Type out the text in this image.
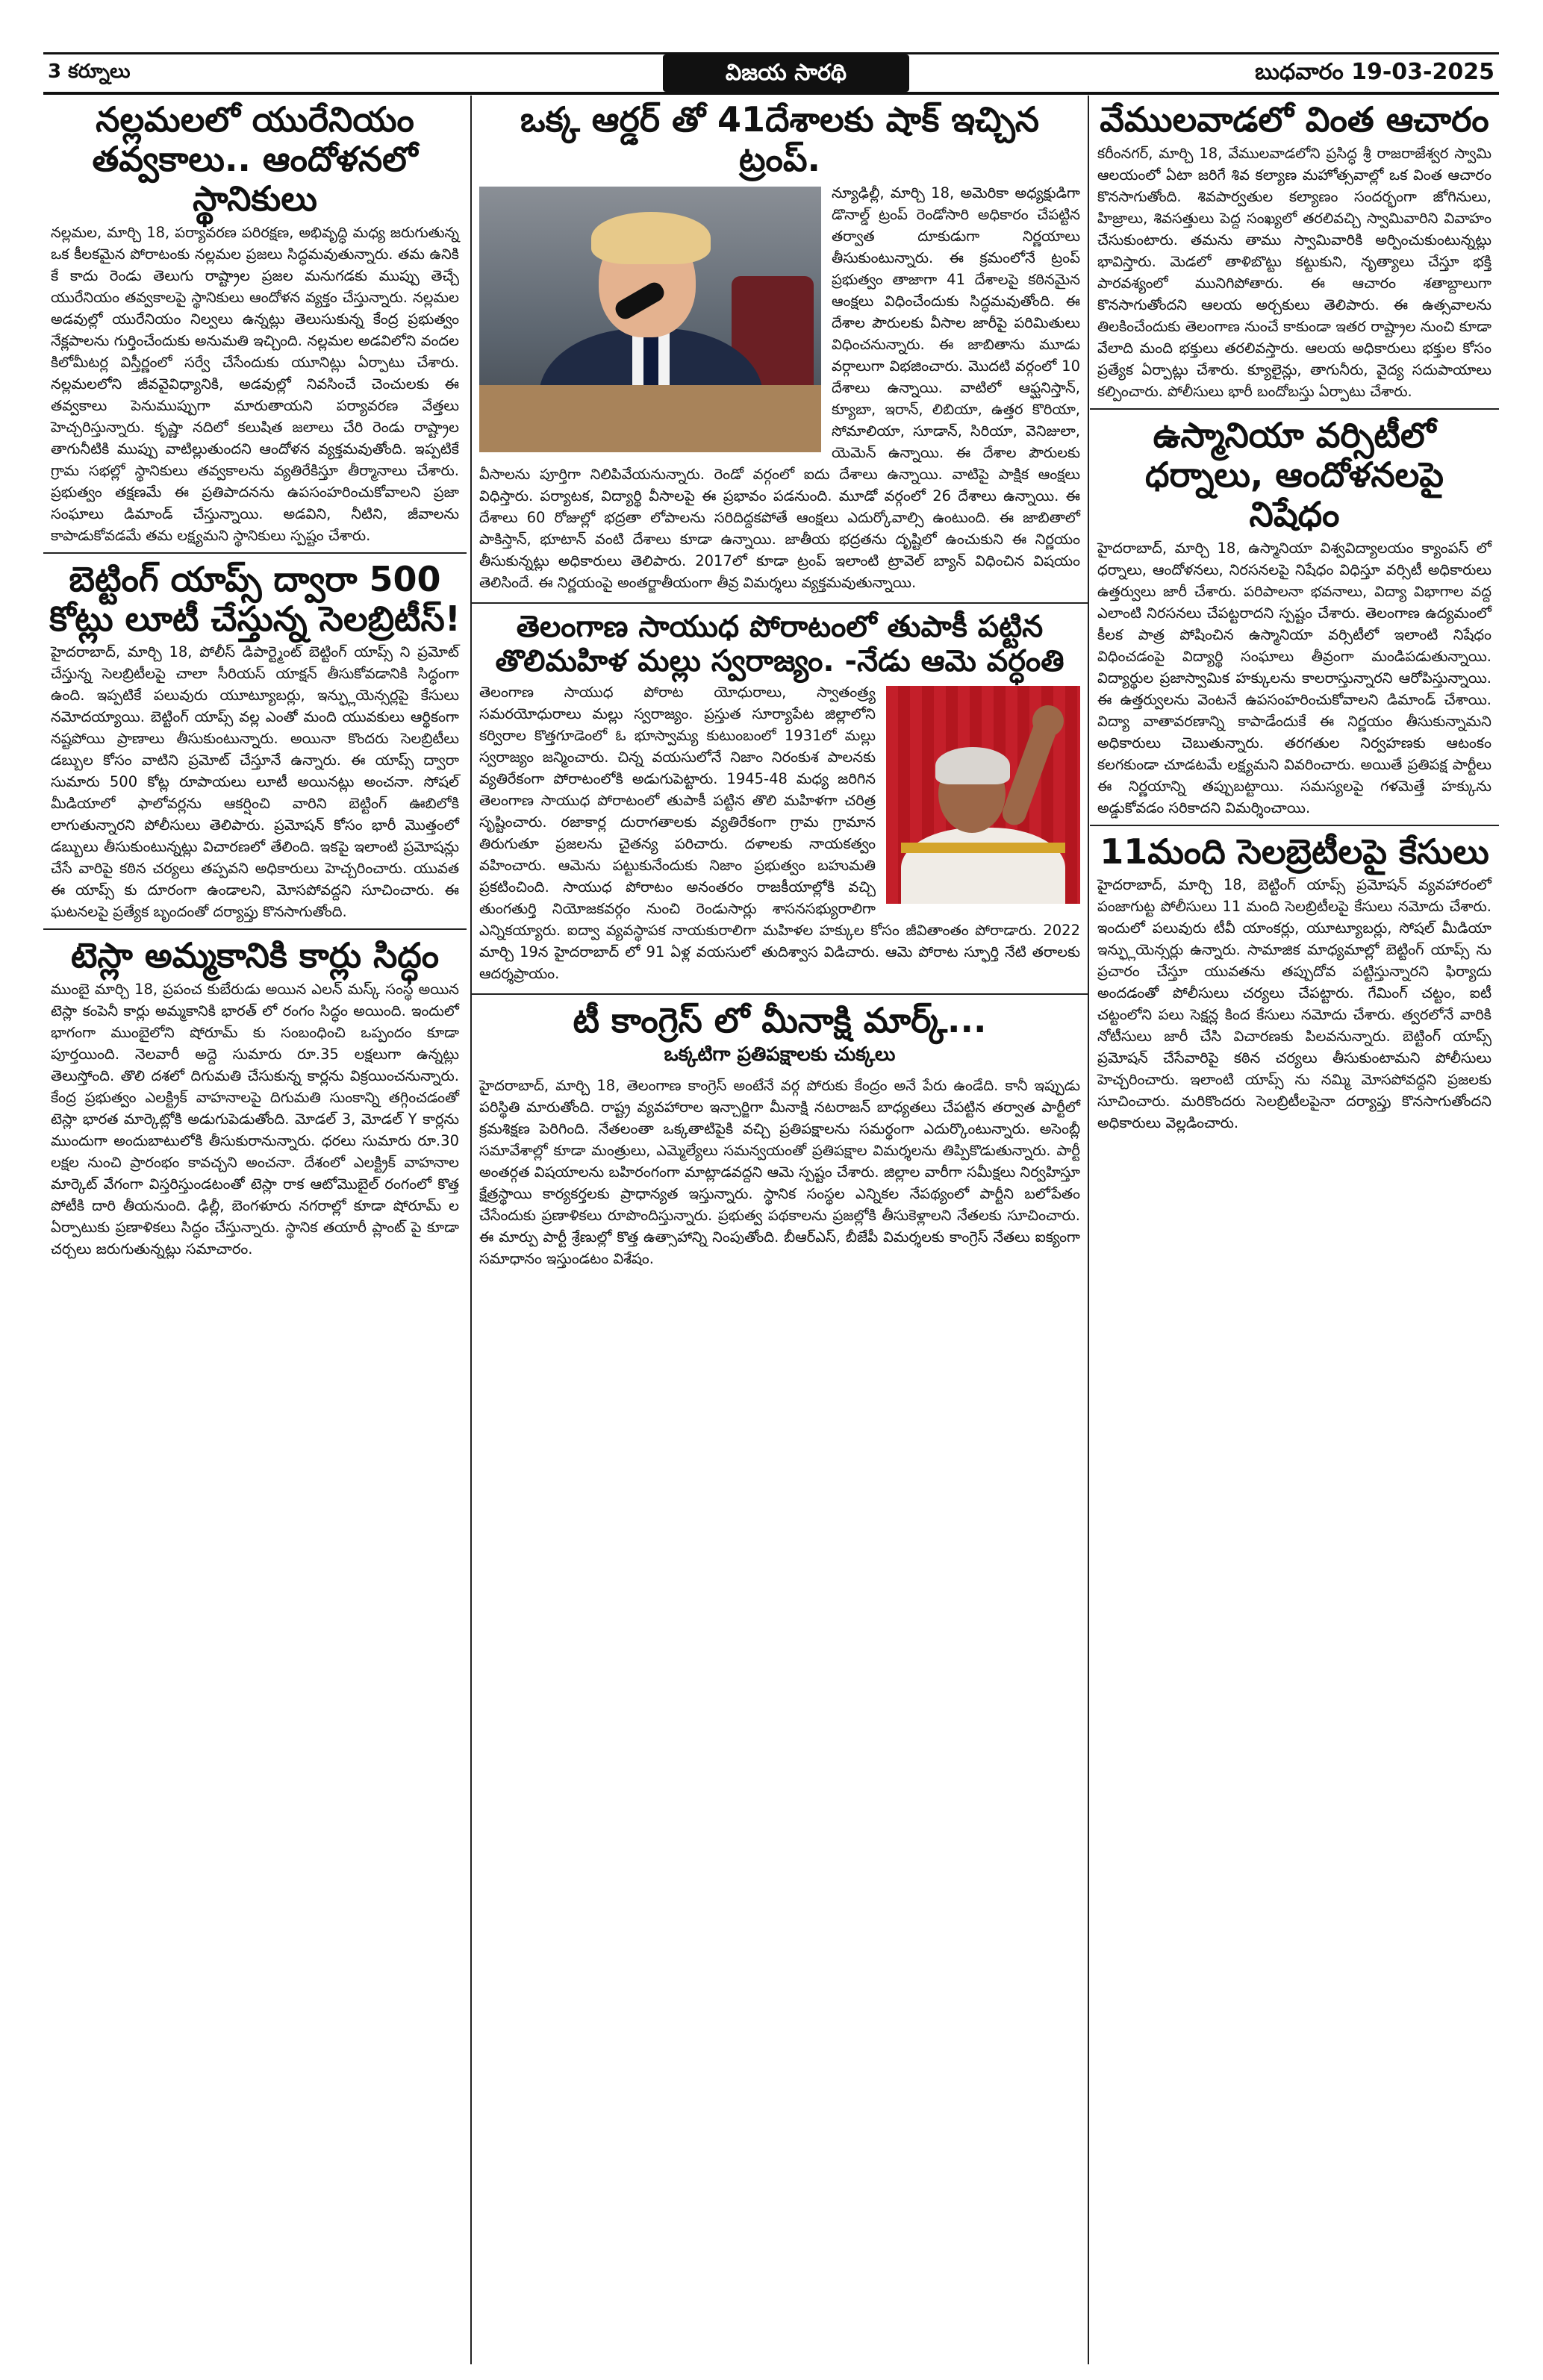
3 కర్నూలు	విజయ సారథి	బుధవారం 19-03-2025
నల్లమలలో యురేనియం తవ్వకాలు.. ఆందోళనలో స్థానికులు
నల్లమల, మార్చి 18, పర్యావరణ పరిరక్షణ, అభివృద్ధి మధ్య జరుగుతున్న ఒక కీలకమైన పోరాటంకు నల్లమల ప్రజలు సిద్ధమవుతున్నారు. తమ ఉనికి కే కాదు రెండు తెలుగు రాష్ట్రాల ప్రజల మనుగడకు ముప్పు తెచ్చే యురేనియం తవ్వకాలపై స్థానికులు ఆందోళన వ్యక్తం చేస్తున్నారు. నల్లమల అడవుల్లో యురేనియం నిల్వలు ఉన్నట్లు తెలుసుకున్న కేంద్ర ప్రభుత్వం నేక్లపాలను గుర్తించేందుకు అనుమతి ఇచ్చింది. నల్లమల అడవిలోని వందల కిలోమీటర్ల విస్తీర్ణంలో సర్వే చేసేందుకు యూనిట్లు ఏర్పాటు చేశారు. నల్లమలలోని జీవవైవిధ్యానికి, అడవుల్లో నివసించే చెంచులకు ఈ తవ్వకాలు పెనుముప్పుగా మారుతాయని పర్యావరణ వేత్తలు హెచ్చరిస్తున్నారు. కృష్ణా నదిలో కలుషిత జలాలు చేరి రెండు రాష్ట్రాల తాగునీటికి ముప్పు వాటిల్లుతుందని ఆందోళన వ్యక్తమవుతోంది. ఇప్పటికే గ్రామ సభల్లో స్థానికులు తవ్వకాలను వ్యతిరేకిస్తూ తీర్మానాలు చేశారు. ప్రభుత్వం తక్షణమే ఈ ప్రతిపాదనను ఉపసంహరించుకోవాలని ప్రజా సంఘాలు డిమాండ్ చేస్తున్నాయి. అడవిని, నీటిని, జీవాలను కాపాడుకోవడమే తమ లక్ష్యమని స్థానికులు స్పష్టం చేశారు.
బెట్టింగ్ యాప్స్ ద్వారా 500 కోట్లు లూటీ చేస్తున్న సెలబ్రిటీస్!
హైదరాబాద్, మార్చి 18, పోలీస్ డిపార్ట్మెంట్ బెట్టింగ్ యాప్స్ ని ప్రమోట్ చేస్తున్న సెలబ్రిటీలపై చాలా సీరియస్ యాక్షన్ తీసుకోవడానికి సిద్ధంగా ఉంది. ఇప్పటికే పలువురు యూట్యూబర్లు, ఇన్ఫ్లుయెన్సర్లపై కేసులు నమోదయ్యాయి. బెట్టింగ్ యాప్స్ వల్ల ఎంతో మంది యువకులు ఆర్థికంగా నష్టపోయి ప్రాణాలు తీసుకుంటున్నారు. అయినా కొందరు సెలబ్రిటీలు డబ్బుల కోసం వాటిని ప్రమోట్ చేస్తూనే ఉన్నారు. ఈ యాప్స్ ద్వారా సుమారు 500 కోట్ల రూపాయలు లూటీ అయినట్లు అంచనా. సోషల్ మీడియాలో ఫాలోవర్లను ఆకర్షించి వారిని బెట్టింగ్ ఊబిలోకి లాగుతున్నారని పోలీసులు తెలిపారు. ప్రమోషన్ కోసం భారీ మొత్తంలో డబ్బులు తీసుకుంటున్నట్లు విచారణలో తేలింది. ఇకపై ఇలాంటి ప్రమోషన్లు చేసే వారిపై కఠిన చర్యలు తప్పవని అధికారులు హెచ్చరించారు. యువత ఈ యాప్స్ కు దూరంగా ఉండాలని, మోసపోవద్దని సూచించారు. ఈ ఘటనలపై ప్రత్యేక బృందంతో దర్యాప్తు కొనసాగుతోంది.
టెస్లా అమ్మకానికి కార్లు సిద్ధం
ముంబై మార్చి 18, ప్రపంచ కుబేరుడు అయిన ఎలన్ మస్క్ సంస్థ అయిన టెస్లా కంపెనీ కార్లు అమ్మకానికి భారత్ లో రంగం సిద్ధం అయింది. ఇందులో భాగంగా ముంబైలోని షోరూమ్ కు సంబంధించి ఒప్పందం కూడా పూర్తయింది. నెలవారీ అద్దె సుమారు రూ.35 లక్షలుగా ఉన్నట్లు తెలుస్తోంది. తొలి దశలో దిగుమతి చేసుకున్న కార్లను విక్రయించనున్నారు. కేంద్ర ప్రభుత్వం ఎలక్ట్రిక్ వాహనాలపై దిగుమతి సుంకాన్ని తగ్గించడంతో టెస్లా భారత మార్కెట్లోకి అడుగుపెడుతోంది. మోడల్ 3, మోడల్ Y కార్లను ముందుగా అందుబాటులోకి తీసుకురానున్నారు. ధరలు సుమారు రూ.30 లక్షల నుంచి ప్రారంభం కావచ్చని అంచనా. దేశంలో ఎలక్ట్రిక్ వాహనాల మార్కెట్ వేగంగా విస్తరిస్తుండటంతో టెస్లా రాక ఆటోమొబైల్ రంగంలో కొత్త పోటీకి దారి తీయనుంది. ఢిల్లీ, బెంగళూరు నగరాల్లో కూడా షోరూమ్ ల ఏర్పాటుకు ప్రణాళికలు సిద్ధం చేస్తున్నారు. స్థానిక తయారీ ప్లాంట్ పై కూడా చర్చలు జరుగుతున్నట్లు సమాచారం.
ఒక్క ఆర్డర్ తో 41దేశాలకు షాక్ ఇచ్చిన ట్రంప్.
న్యూఢిల్లీ, మార్చి 18, అమెరికా అధ్యక్షుడిగా డొనాల్డ్ ట్రంప్ రెండోసారి అధికారం చేపట్టిన తర్వాత దూకుడుగా నిర్ణయాలు తీసుకుంటున్నారు. ఈ క్రమంలోనే ట్రంప్ ప్రభుత్వం తాజాగా 41 దేశాలపై కఠినమైన ఆంక్షలు విధించేందుకు సిద్ధమవుతోంది. ఈ దేశాల పౌరులకు వీసాల జారీపై పరిమితులు విధించనున్నారు. ఈ జాబితాను మూడు వర్గాలుగా విభజించారు. మొదటి వర్గంలో 10 దేశాలు ఉన్నాయి. వాటిలో ఆఫ్ఘనిస్తాన్, క్యూబా, ఇరాన్, లిబియా, ఉత్తర కొరియా, సోమాలియా, సూడాన్, సిరియా, వెనిజులా, యెమెన్ ఉన్నాయి. ఈ దేశాల పౌరులకు వీసాలను పూర్తిగా నిలిపివేయనున్నారు. రెండో వర్గంలో ఐదు దేశాలు ఉన్నాయి. వాటిపై పాక్షిక ఆంక్షలు విధిస్తారు. పర్యాటక, విద్యార్థి వీసాలపై ఈ ప్రభావం పడనుంది. మూడో వర్గంలో 26 దేశాలు ఉన్నాయి. ఈ దేశాలు 60 రోజుల్లో భద్రతా లోపాలను సరిదిద్దకపోతే ఆంక్షలు ఎదుర్కోవాల్సి ఉంటుంది. ఈ జాబితాలో పాకిస్తాన్, భూటాన్ వంటి దేశాలు కూడా ఉన్నాయి. జాతీయ భద్రతను దృష్టిలో ఉంచుకుని ఈ నిర్ణయం తీసుకున్నట్లు అధికారులు తెలిపారు. 2017లో కూడా ట్రంప్ ఇలాంటి ట్రావెల్ బ్యాన్ విధించిన విషయం తెలిసిందే. ఈ నిర్ణయంపై అంతర్జాతీయంగా తీవ్ర విమర్శలు వ్యక్తమవుతున్నాయి.
తెలంగాణ సాయుధ పోరాటంలో తుపాకీ పట్టిన తొలిమహిళ మల్లు స్వరాజ్యం. -నేడు ఆమె వర్ధంతి
తెలంగాణ సాయుధ పోరాట యోధురాలు, స్వాతంత్ర్య సమరయోధురాలు మల్లు స్వరాజ్యం. ప్రస్తుత సూర్యాపేట జిల్లాలోని కర్విరాల కొత్తగూడెంలో ఓ భూస్వామ్య కుటుంబంలో 1931లో మల్లు స్వరాజ్యం జన్మించారు. చిన్న వయసులోనే నిజాం నిరంకుశ పాలనకు వ్యతిరేకంగా పోరాటంలోకి అడుగుపెట్టారు. 1945-48 మధ్య జరిగిన తెలంగాణ సాయుధ పోరాటంలో తుపాకీ పట్టిన తొలి మహిళగా చరిత్ర సృష్టించారు. రజాకార్ల దురాగతాలకు వ్యతిరేకంగా గ్రామ గ్రామాన తిరుగుతూ ప్రజలను చైతన్య పరిచారు. దళాలకు నాయకత్వం వహించారు. ఆమెను పట్టుకునేందుకు నిజాం ప్రభుత్వం బహుమతి ప్రకటించింది. సాయుధ పోరాటం అనంతరం రాజకీయాల్లోకి వచ్చి తుంగతుర్తి నియోజకవర్గం నుంచి రెండుసార్లు శాసనసభ్యురాలిగా ఎన్నికయ్యారు. ఐద్వా వ్యవస్థాపక నాయకురాలిగా మహిళల హక్కుల కోసం జీవితాంతం పోరాడారు. 2022 మార్చి 19న హైదరాబాద్ లో 91 ఏళ్ల వయసులో తుదిశ్వాస విడిచారు. ఆమె పోరాట స్ఫూర్తి నేటి తరాలకు ఆదర్శప్రాయం.
టీ కాంగ్రెస్ లో మీనాక్షి మార్క్...
ఒక్కటిగా ప్రతిపక్షాలకు చుక్కలు
హైదరాబాద్, మార్చి 18, తెలంగాణ కాంగ్రెస్ అంటేనే వర్గ పోరుకు కేంద్రం అనే పేరు ఉండేది. కానీ ఇప్పుడు పరిస్థితి మారుతోంది. రాష్ట్ర వ్యవహారాల ఇన్చార్జిగా మీనాక్షి నటరాజన్ బాధ్యతలు చేపట్టిన తర్వాత పార్టీలో క్రమశిక్షణ పెరిగింది. నేతలంతా ఒక్కతాటిపైకి వచ్చి ప్రతిపక్షాలను సమర్థంగా ఎదుర్కొంటున్నారు. అసెంబ్లీ సమావేశాల్లో కూడా మంత్రులు, ఎమ్మెల్యేలు సమన్వయంతో ప్రతిపక్షాల విమర్శలను తిప్పికొడుతున్నారు. పార్టీ అంతర్గత విషయాలను బహిరంగంగా మాట్లాడవద్దని ఆమె స్పష్టం చేశారు. జిల్లాల వారీగా సమీక్షలు నిర్వహిస్తూ క్షేత్రస్థాయి కార్యకర్తలకు ప్రాధాన్యత ఇస్తున్నారు. స్థానిక సంస్థల ఎన్నికల నేపథ్యంలో పార్టీని బలోపేతం చేసేందుకు ప్రణాళికలు రూపొందిస్తున్నారు. ప్రభుత్వ పథకాలను ప్రజల్లోకి తీసుకెళ్లాలని నేతలకు సూచించారు. ఈ మార్పు పార్టీ శ్రేణుల్లో కొత్త ఉత్సాహాన్ని నింపుతోంది. బీఆర్ఎస్, బీజేపీ విమర్శలకు కాంగ్రెస్ నేతలు ఐక్యంగా సమాధానం ఇస్తుండటం విశేషం.
వేములవాడలో వింత ఆచారం
కరీంనగర్, మార్చి 18, వేములవాడలోని ప్రసిద్ధ శ్రీ రాజరాజేశ్వర స్వామి ఆలయంలో ఏటా జరిగే శివ కల్యాణ మహోత్సవాల్లో ఒక వింత ఆచారం కొనసాగుతోంది. శివపార్వతుల కల్యాణం సందర్భంగా జోగినులు, హిజ్రాలు, శివసత్తులు పెద్ద సంఖ్యలో తరలివచ్చి స్వామివారిని వివాహం చేసుకుంటారు. తమను తాము స్వామివారికి అర్పించుకుంటున్నట్లు భావిస్తారు. మెడలో తాళిబొట్టు కట్టుకుని, నృత్యాలు చేస్తూ భక్తి పారవశ్యంలో మునిగిపోతారు. ఈ ఆచారం శతాబ్దాలుగా కొనసాగుతోందని ఆలయ అర్చకులు తెలిపారు. ఈ ఉత్సవాలను తిలకించేందుకు తెలంగాణ నుంచే కాకుండా ఇతర రాష్ట్రాల నుంచి కూడా వేలాది మంది భక్తులు తరలివస్తారు. ఆలయ అధికారులు భక్తుల కోసం ప్రత్యేక ఏర్పాట్లు చేశారు. క్యూలైన్లు, తాగునీరు, వైద్య సదుపాయాలు కల్పించారు. పోలీసులు భారీ బందోబస్తు ఏర్పాటు చేశారు.
ఉస్మానియా వర్సిటీలో ధర్నాలు, ఆందోళనలపై నిషేధం
హైదరాబాద్, మార్చి 18, ఉస్మానియా విశ్వవిద్యాలయం క్యాంపస్ లో ధర్నాలు, ఆందోళనలు, నిరసనలపై నిషేధం విధిస్తూ వర్సిటీ అధికారులు ఉత్తర్వులు జారీ చేశారు. పరిపాలనా భవనాలు, విద్యా విభాగాల వద్ద ఎలాంటి నిరసనలు చేపట్టరాదని స్పష్టం చేశారు. తెలంగాణ ఉద్యమంలో కీలక పాత్ర పోషించిన ఉస్మానియా వర్సిటీలో ఇలాంటి నిషేధం విధించడంపై విద్యార్థి సంఘాలు తీవ్రంగా మండిపడుతున్నాయి. విద్యార్థుల ప్రజాస్వామిక హక్కులను కాలరాస్తున్నారని ఆరోపిస్తున్నాయి. ఈ ఉత్తర్వులను వెంటనే ఉపసంహరించుకోవాలని డిమాండ్ చేశాయి. విద్యా వాతావరణాన్ని కాపాడేందుకే ఈ నిర్ణయం తీసుకున్నామని అధికారులు చెబుతున్నారు. తరగతుల నిర్వహణకు ఆటంకం కలగకుండా చూడటమే లక్ష్యమని వివరించారు. అయితే ప్రతిపక్ష పార్టీలు ఈ నిర్ణయాన్ని తప్పుబట్టాయి. సమస్యలపై గళమెత్తే హక్కును అడ్డుకోవడం సరికాదని విమర్శించాయి.
11మంది సెలబ్రెటీలపై కేసులు
హైదరాబాద్, మార్చి 18, బెట్టింగ్ యాప్స్ ప్రమోషన్ వ్యవహారంలో పంజాగుట్ట పోలీసులు 11 మంది సెలబ్రిటీలపై కేసులు నమోదు చేశారు. ఇందులో పలువురు టీవీ యాంకర్లు, యూట్యూబర్లు, సోషల్ మీడియా ఇన్ఫ్లుయెన్సర్లు ఉన్నారు. సామాజిక మాధ్యమాల్లో బెట్టింగ్ యాప్స్ ను ప్రచారం చేస్తూ యువతను తప్పుదోవ పట్టిస్తున్నారని ఫిర్యాదు అందడంతో పోలీసులు చర్యలు చేపట్టారు. గేమింగ్ చట్టం, ఐటీ చట్టంలోని పలు సెక్షన్ల కింద కేసులు నమోదు చేశారు. త్వరలోనే వారికి నోటీసులు జారీ చేసి విచారణకు పిలవనున్నారు. బెట్టింగ్ యాప్స్ ప్రమోషన్ చేసేవారిపై కఠిన చర్యలు తీసుకుంటామని పోలీసులు హెచ్చరించారు. ఇలాంటి యాప్స్ ను నమ్మి మోసపోవద్దని ప్రజలకు సూచించారు. మరికొందరు సెలబ్రిటీలపైనా దర్యాప్తు కొనసాగుతోందని అధికారులు వెల్లడించారు.
